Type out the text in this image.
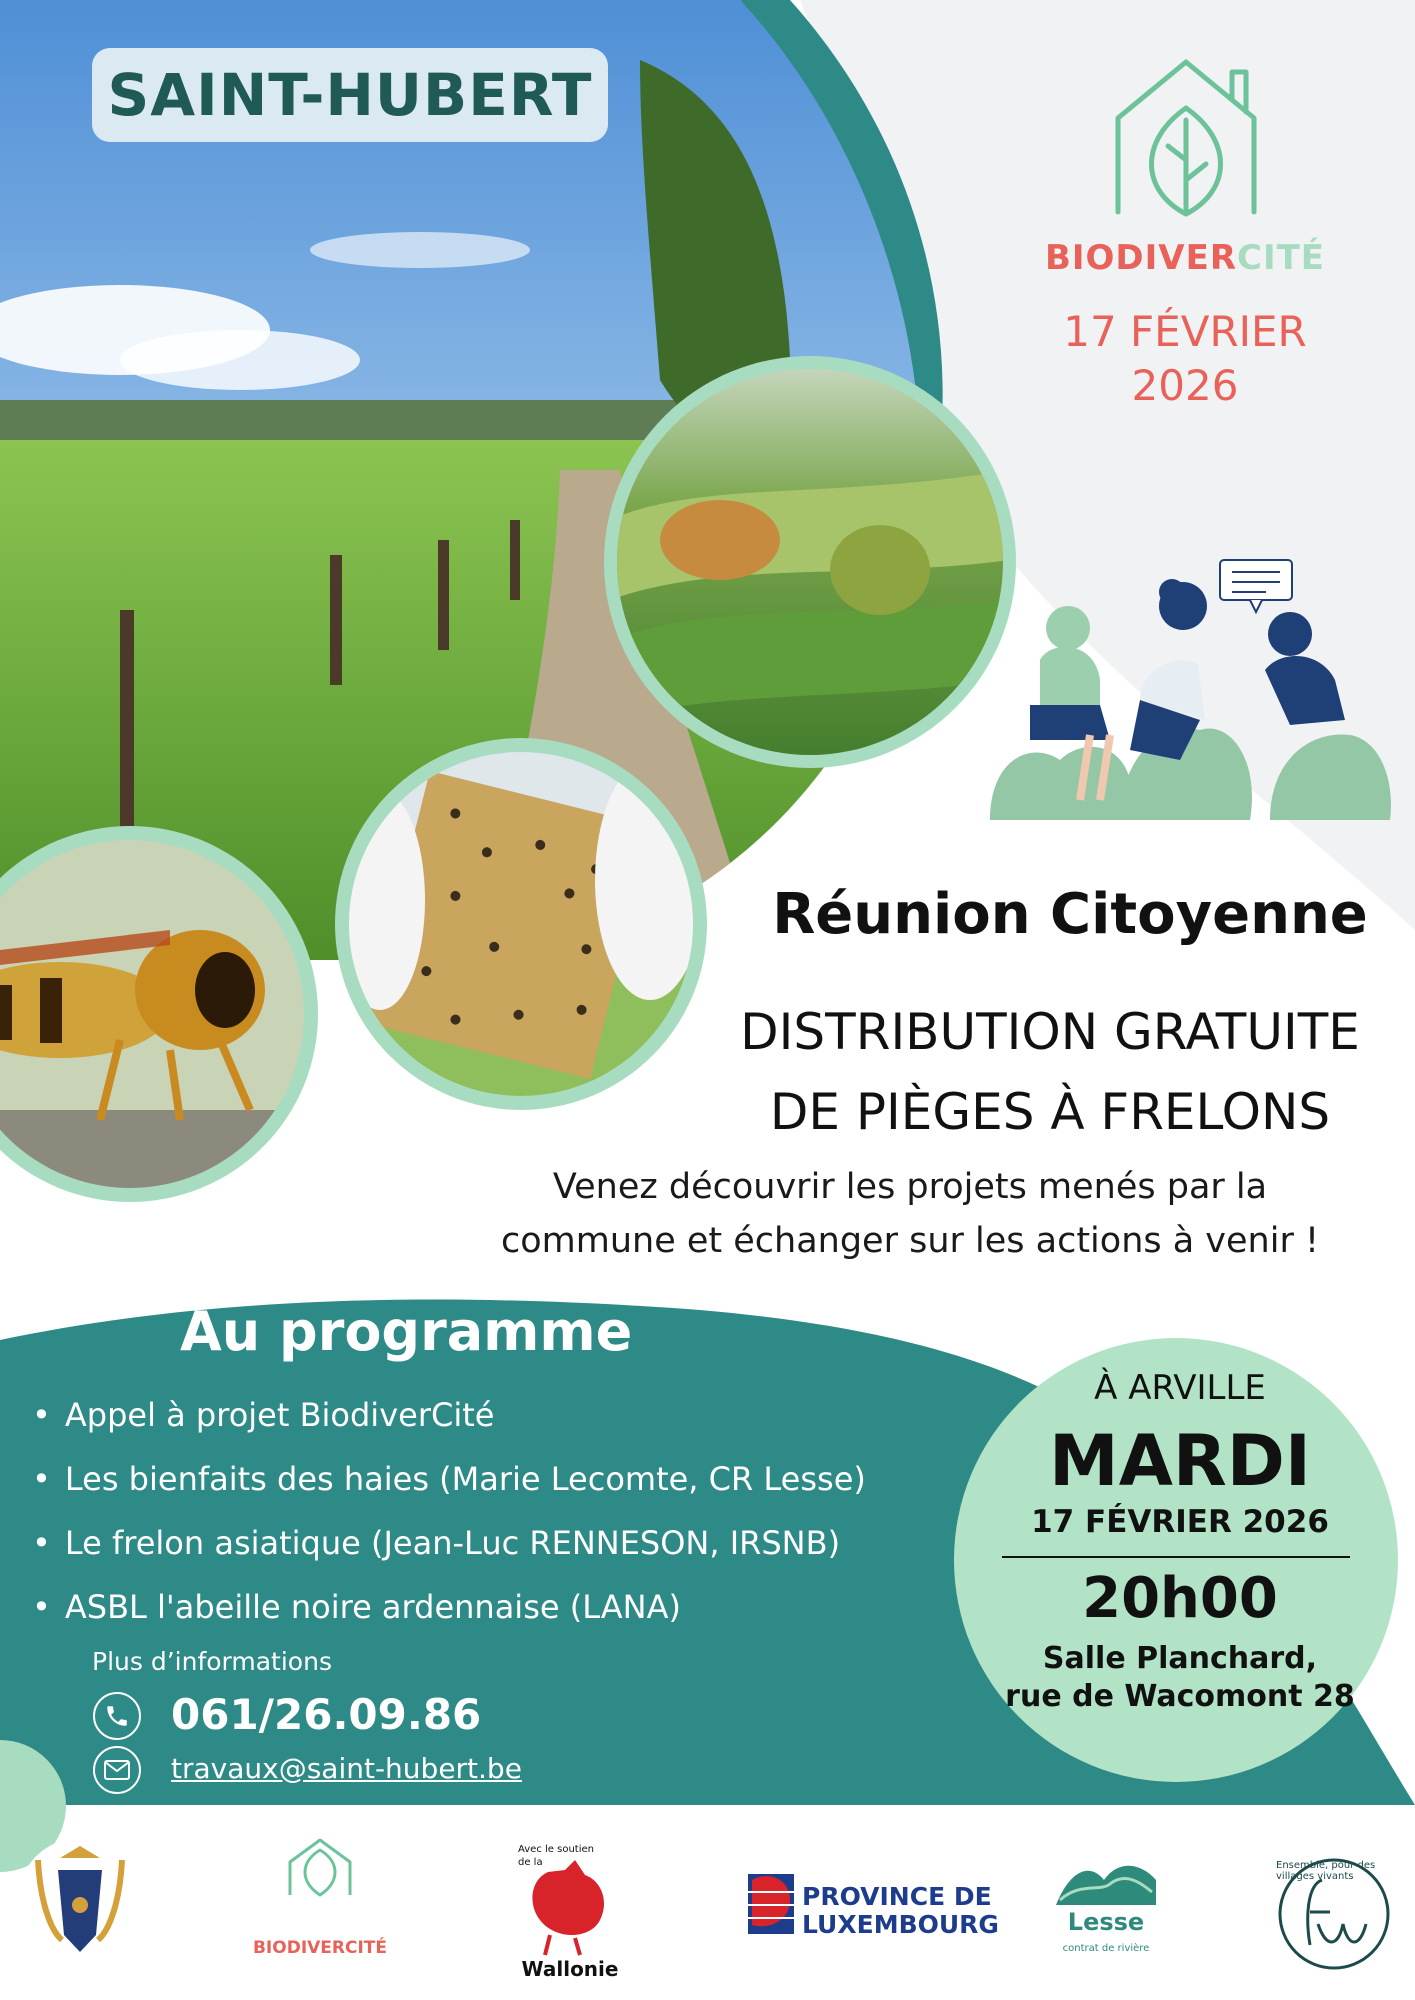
SAINT-HUBERT
BIODIVERCITÉ
17 FÉVRIER
2026
Réunion Citoyenne
DISTRIBUTION GRATUITE
DE PIÈGES À FRELONS
Venez découvrir les projets menés par la
commune et échanger sur les actions à venir !
Au programme
• Appel à projet BiodiverCité
• Les bienfaits des haies (Marie Lecomte, CR Lesse)
• Le frelon asiatique (Jean-Luc RENNESON, IRSNB)
• ASBL l'abeille noire ardennaise (LANA)
Plus d’informations
061/26.09.86
travaux@saint-hubert.be
À ARVILLE
MARDI
17 FÉVRIER 2026
20h00
Salle Planchard,
rue de Wacomont 28
BIODIVERCITÉ
Avec le soutien de la
Wallonie
PROVINCE DE
LUXEMBOURG	Lesse
contrat de rivière
Ensemble, pour des villages vivants
